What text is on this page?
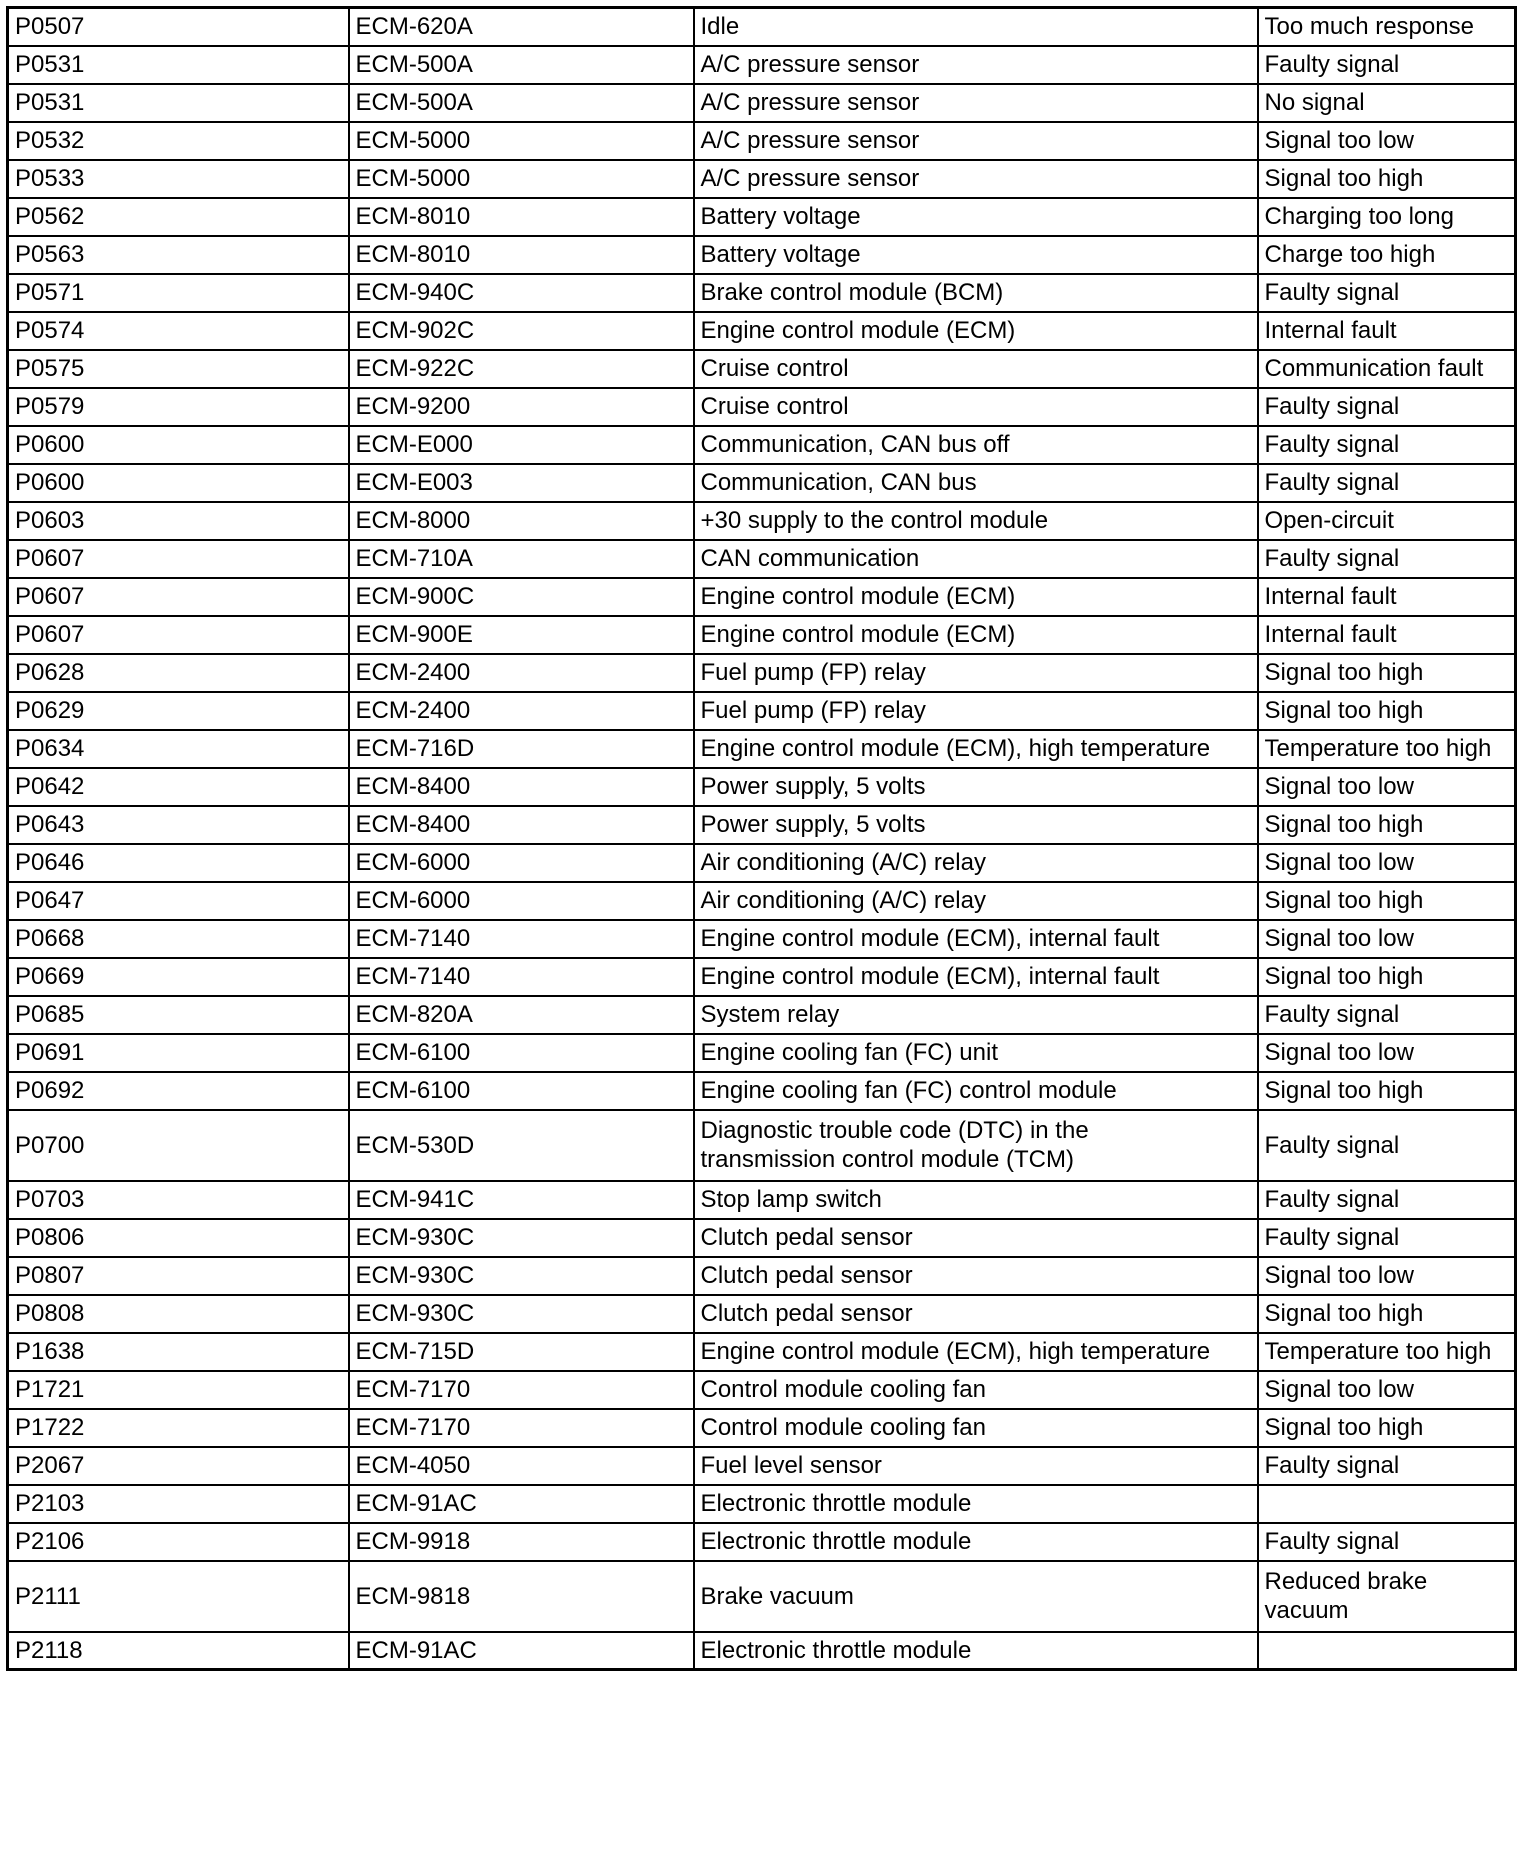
P0507	ECM-620A	Idle	Too much response
P0531	ECM-500A	A/C pressure sensor	Faulty signal
P0531	ECM-500A	A/C pressure sensor	No signal
P0532	ECM-5000	A/C pressure sensor	Signal too low
P0533	ECM-5000	A/C pressure sensor	Signal too high
P0562	ECM-8010	Battery voltage	Charging too long
P0563	ECM-8010	Battery voltage	Charge too high
P0571	ECM-940C	Brake control module (BCM)	Faulty signal
P0574	ECM-902C	Engine control module (ECM)	Internal fault
P0575	ECM-922C	Cruise control	Communication fault
P0579	ECM-9200	Cruise control	Faulty signal
P0600	ECM-E000	Communication, CAN bus off	Faulty signal
P0600	ECM-E003	Communication, CAN bus	Faulty signal
P0603	ECM-8000	+30 supply to the control module	Open-circuit
P0607	ECM-710A	CAN communication	Faulty signal
P0607	ECM-900C	Engine control module (ECM)	Internal fault
P0607	ECM-900E	Engine control module (ECM)	Internal fault
P0628	ECM-2400	Fuel pump (FP) relay	Signal too high
P0629	ECM-2400	Fuel pump (FP) relay	Signal too high
P0634	ECM-716D	Engine control module (ECM), high temperature	Temperature too high
P0642	ECM-8400	Power supply, 5 volts	Signal too low
P0643	ECM-8400	Power supply, 5 volts	Signal too high
P0646	ECM-6000	Air conditioning (A/C) relay	Signal too low
P0647	ECM-6000	Air conditioning (A/C) relay	Signal too high
P0668	ECM-7140	Engine control module (ECM), internal fault	Signal too low
P0669	ECM-7140	Engine control module (ECM), internal fault	Signal too high
P0685	ECM-820A	System relay	Faulty signal
P0691	ECM-6100	Engine cooling fan (FC) unit	Signal too low
P0692	ECM-6100	Engine cooling fan (FC) control module	Signal too high
P0700	ECM-530D	Diagnostic trouble code (DTC) in the
transmission control module (TCM)	Faulty signal
P0703	ECM-941C	Stop lamp switch	Faulty signal
P0806	ECM-930C	Clutch pedal sensor	Faulty signal
P0807	ECM-930C	Clutch pedal sensor	Signal too low
P0808	ECM-930C	Clutch pedal sensor	Signal too high
P1638	ECM-715D	Engine control module (ECM), high temperature	Temperature too high
P1721	ECM-7170	Control module cooling fan	Signal too low
P1722	ECM-7170	Control module cooling fan	Signal too high
P2067	ECM-4050	Fuel level sensor	Faulty signal
P2103	ECM-91AC	Electronic throttle module	
P2106	ECM-9918	Electronic throttle module	Faulty signal
P2111	ECM-9818	Brake vacuum	Reduced brake
vacuum
P2118	ECM-91AC	Electronic throttle module	
